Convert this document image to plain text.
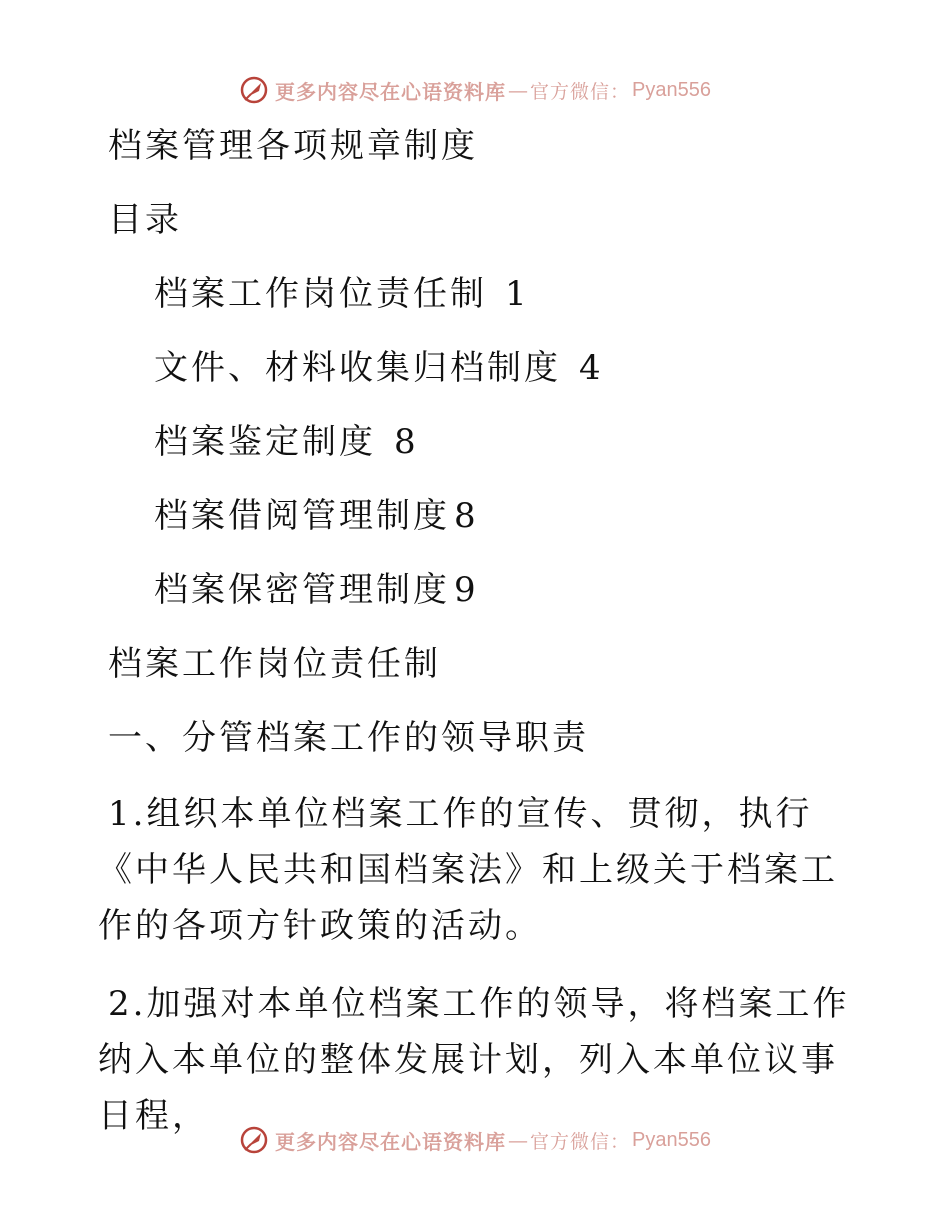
更多内容尽在心语资料库 — 官方微信： Pyan556
档案管理各项规章制度
目录
档案工作岗位责任制 1
文件、材料收集归档制度 4
档案鉴定制度 8
档案借阅管理制度 8
档案保密管理制度 9
档案工作岗位责任制
一、分管档案工作的领导职责
1.组织本单位档案工作的宣传、贯彻，执行《中华人民共和国档案法》和上级关于档案工作的各项方针政策的活动。
2.加强对本单位档案工作的领导，将档案工作纳入本单位的整体发展计划，列入本单位议事日程，
更多内容尽在心语资料库 — 官方微信： Pyan556
